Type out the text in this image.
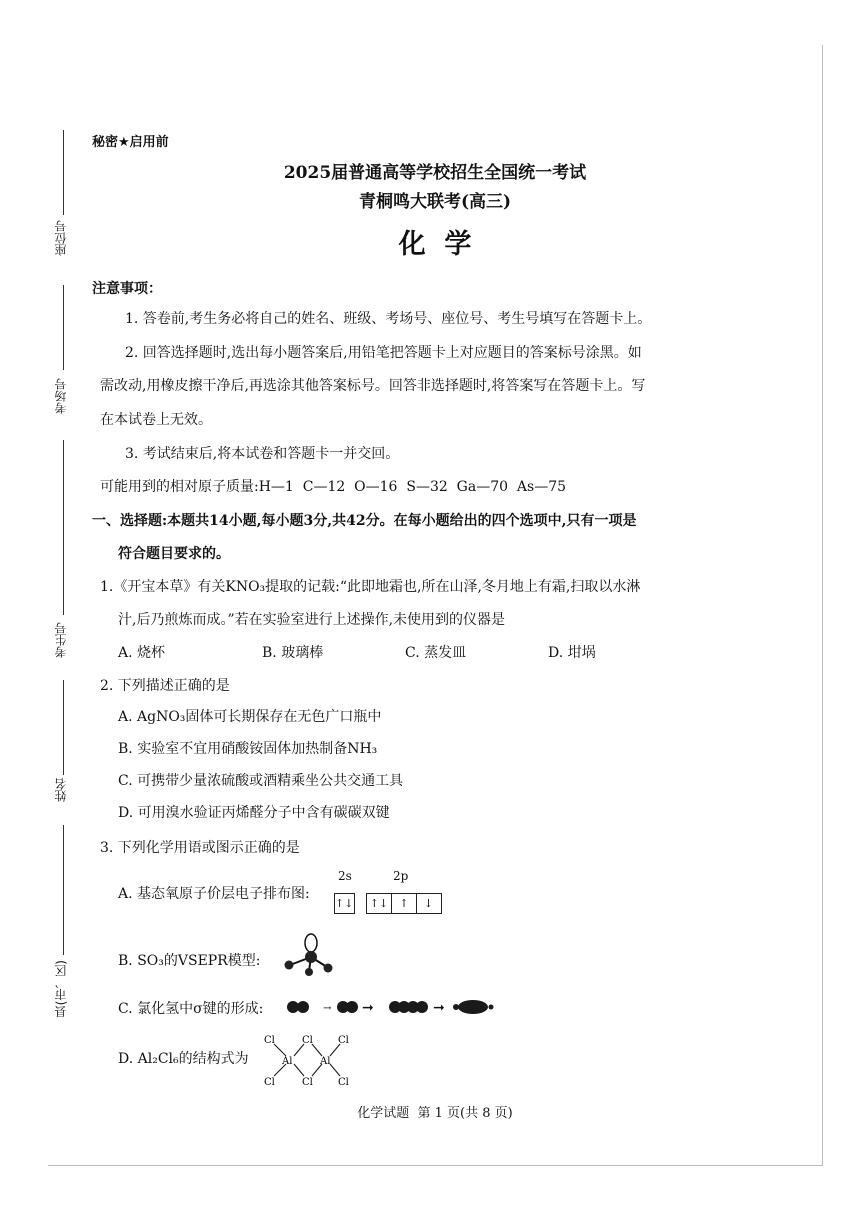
座位号
考场号
考生号
姓名
县(市、区)
秘密★启用前
2025届普通高等学校招生全国统一考试
青桐鸣大联考(高三)
化  学
注意事项：
1. 答卷前,考生务必将自己的姓名、班级、考场号、座位号、考生号填写在答题卡上。
2. 回答选择题时,选出每小题答案后,用铅笔把答题卡上对应题目的答案标号涂黑。如
需改动,用橡皮擦干净后,再选涂其他答案标号。回答非选择题时,将答案写在答题卡上。写
在本试卷上无效。
3. 考试结束后,将本试卷和答题卡一并交回。
可能用到的相对原子质量:H—1  C—12  O—16  S—32  Ga—70  As—75
一、选择题:本题共14小题,每小题3分,共42分。在每小题给出的四个选项中,只有一项是
符合题目要求的。
1.《开宝本草》有关KNO₃提取的记载:“此即地霜也,所在山泽,冬月地上有霜,扫取以水淋
汁,后乃煎炼而成。”若在实验室进行上述操作,未使用到的仪器是
A. 烧杯	B. 玻璃棒	C. 蒸发皿	D. 坩埚
2. 下列描述正确的是
A. AgNO₃固体可长期保存在无色广口瓶中
B. 实验室不宜用硝酸铵固体加热制备NH₃
C. 可携带少量浓硫酸或酒精乘坐公共交通工具
D. 可用溴水验证丙烯醛分子中含有碳碳双键
3. 下列化学用语或图示正确的是
A. 基态氧原子价层电子排布图:
2s	2p
↑↓ ↑↓	↑	↓
B. SO₃的VSEPR模型:
C. 氯化氢中σ键的形成:	→ ➞	➞
D. Al₂Cl₆的结构式为
Cl	Cl	Cl
Al	Al
Cl	Cl	Cl
化学试题  第 1 页(共 8 页)
